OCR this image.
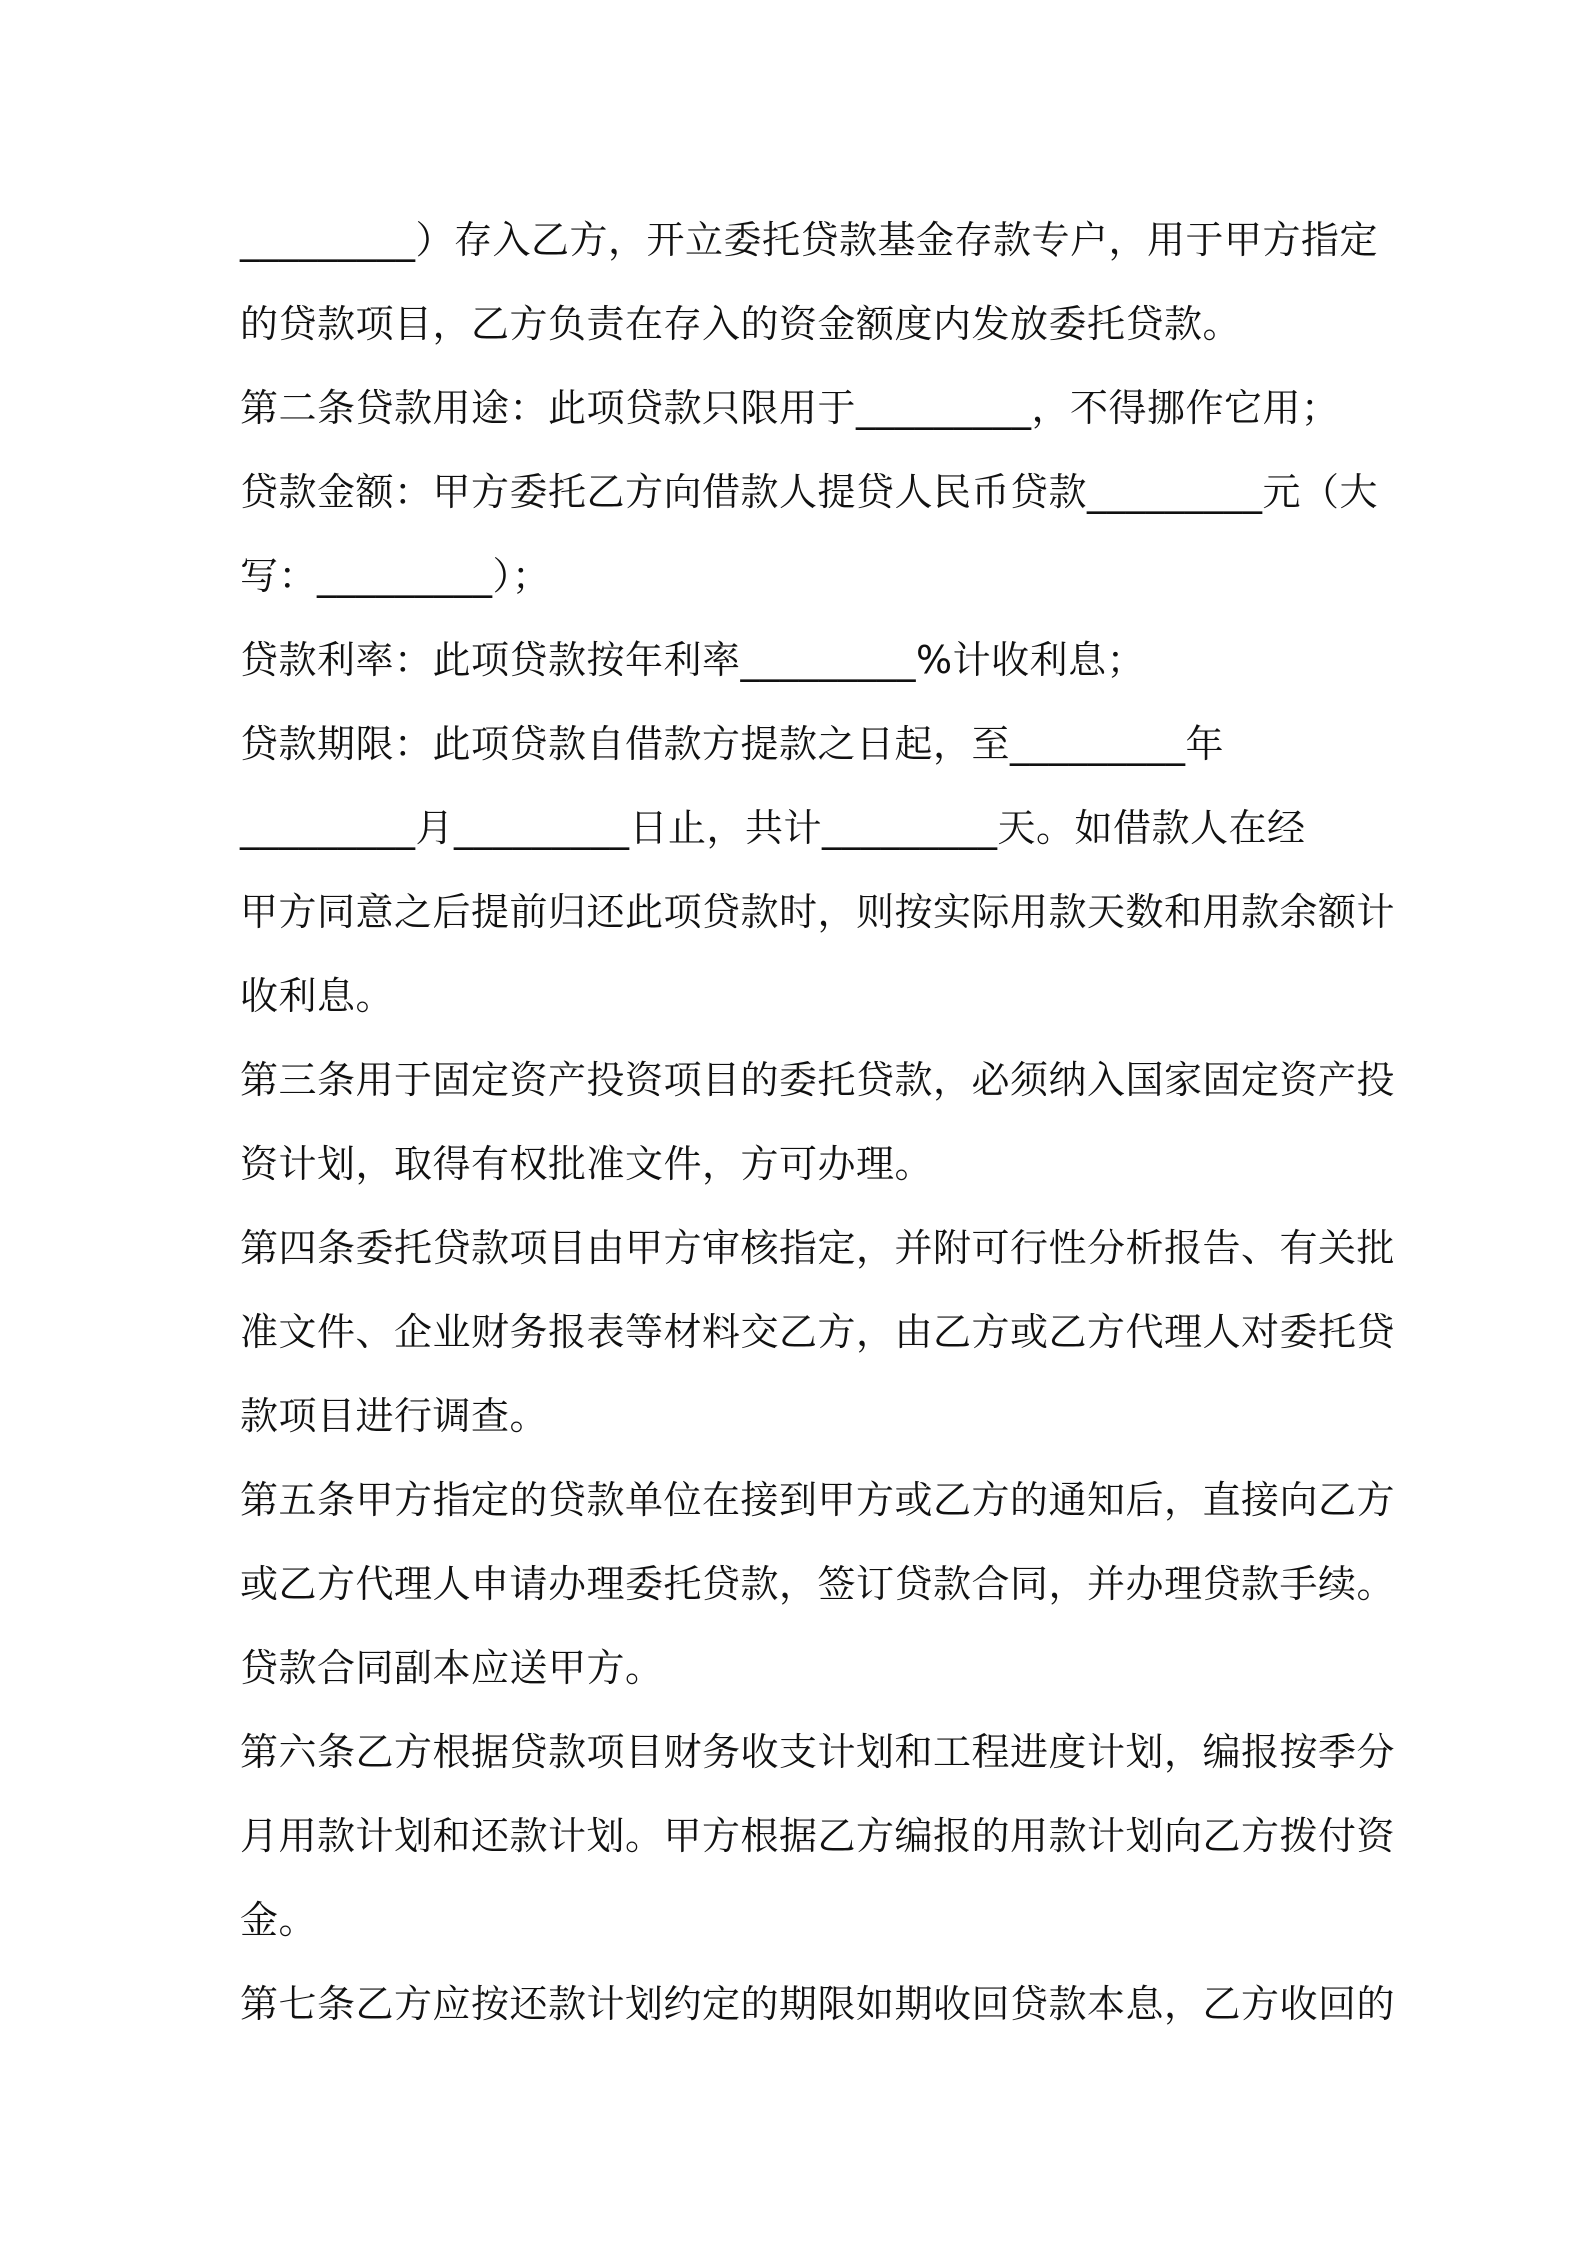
_________）存入乙方，开立委托贷款基金存款专户，用于甲方指定
的贷款项目，乙方负责在存入的资金额度内发放委托贷款。
第二条贷款用途：此项贷款只限用于_________，不得挪作它用；
贷款金额：甲方委托乙方向借款人提贷人民币贷款_________元（大
写：_________）；
贷款利率：此项贷款按年利率_________%计收利息；
贷款期限：此项贷款自借款方提款之日起，至_________年
_________月_________日止，共计_________天。如借款人在经
甲方同意之后提前归还此项贷款时，则按实际用款天数和用款余额计
收利息。
第三条用于固定资产投资项目的委托贷款，必须纳入国家固定资产投
资计划，取得有权批准文件，方可办理。
第四条委托贷款项目由甲方审核指定，并附可行性分析报告、有关批
准文件、企业财务报表等材料交乙方，由乙方或乙方代理人对委托贷
款项目进行调查。
第五条甲方指定的贷款单位在接到甲方或乙方的通知后，直接向乙方
或乙方代理人申请办理委托贷款，签订贷款合同，并办理贷款手续。
贷款合同副本应送甲方。
第六条乙方根据贷款项目财务收支计划和工程进度计划，编报按季分
月用款计划和还款计划。甲方根据乙方编报的用款计划向乙方拨付资
金。
第七条乙方应按还款计划约定的期限如期收回贷款本息，乙方收回的
